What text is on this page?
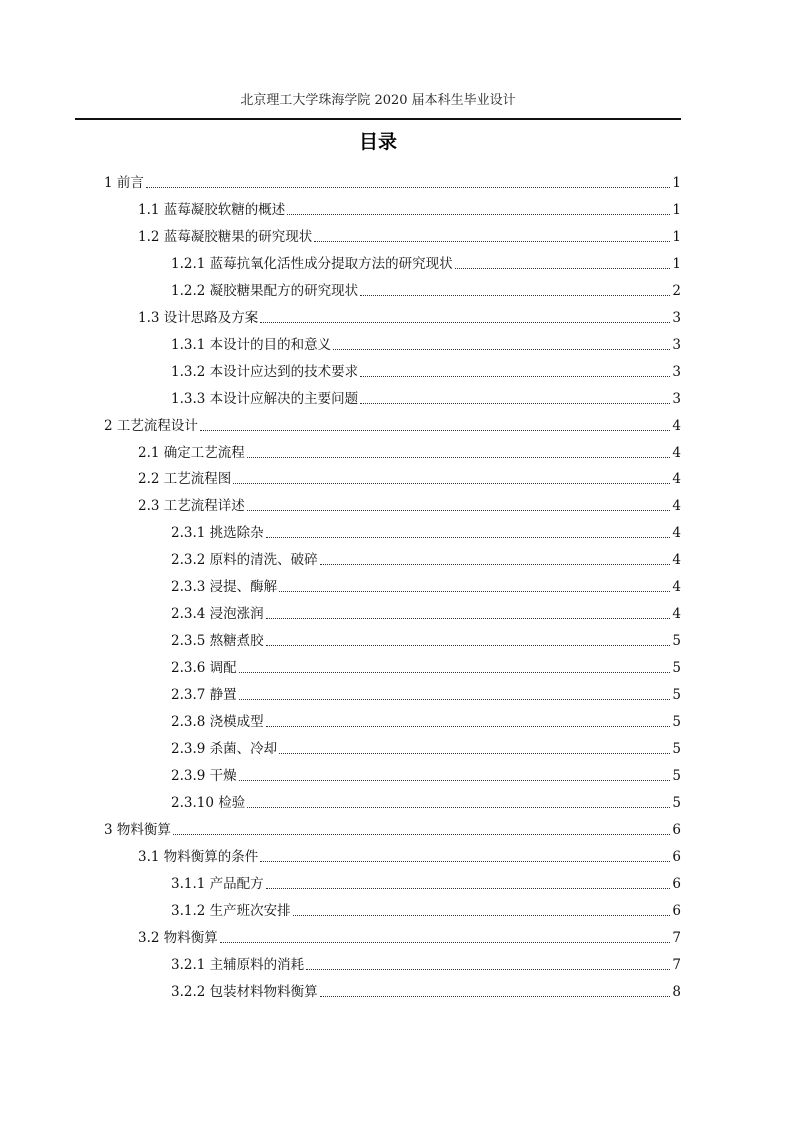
北京理工大学珠海学院 2020 届本科生毕业设计
目录
1 前言	1
1.1 蓝莓凝胶软糖的概述	1
1.2 蓝莓凝胶糖果的研究现状	1
1.2.1 蓝莓抗氧化活性成分提取方法的研究现状	1
1.2.2 凝胶糖果配方的研究现状	2
1.3 设计思路及方案	3
1.3.1 本设计的目的和意义	3
1.3.2 本设计应达到的技术要求	3
1.3.3 本设计应解决的主要问题	3
2 工艺流程设计	4
2.1 确定工艺流程	4
2.2 工艺流程图	4
2.3 工艺流程详述	4
2.3.1 挑选除杂	4
2.3.2 原料的清洗、破碎	4
2.3.3 浸提、酶解	4
2.3.4 浸泡涨润	4
2.3.5 熬糖煮胶	5
2.3.6 调配	5
2.3.7 静置	5
2.3.8 浇模成型	5
2.3.9 杀菌、冷却	5
2.3.9 干燥	5
2.3.10 检验	5
3 物料衡算	6
3.1 物料衡算的条件	6
3.1.1 产品配方	6
3.1.2 生产班次安排	6
3.2 物料衡算	7
3.2.1 主辅原料的消耗	7
3.2.2 包装材料物料衡算	8
